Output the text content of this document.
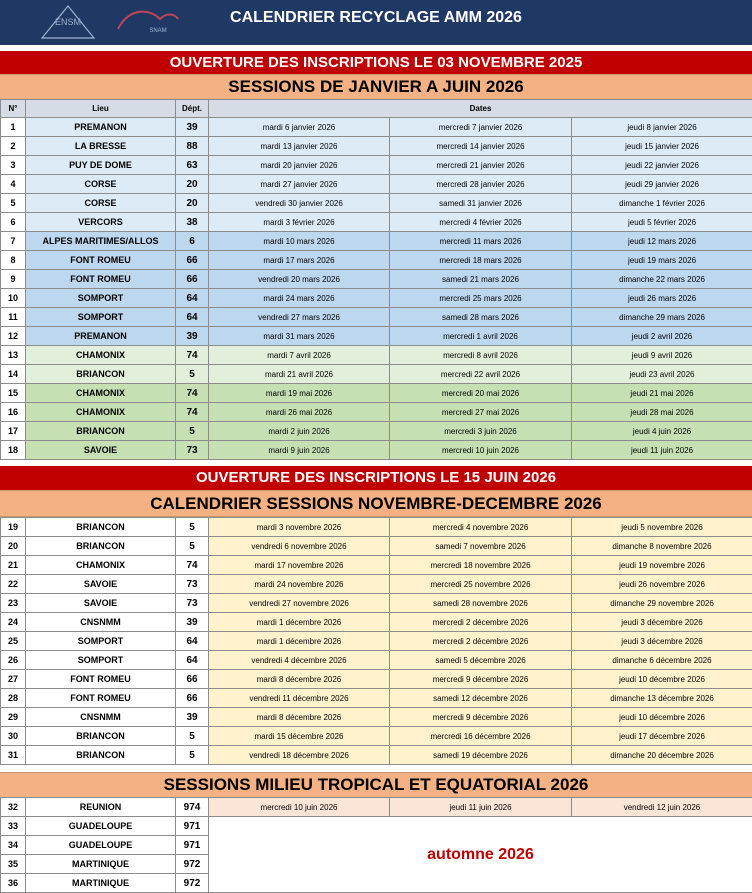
ENSM
SNAM
CALENDRIER RECYCLAGE AMM 2026
OUVERTURE DES INSCRIPTIONS LE 03 NOVEMBRE 2025
SESSIONS DE JANVIER A JUIN 2026
N°	Lieu	Dépt.	Dates		
1	PREMANON	39	mardi 6 janvier 2026	mercredi 7 janvier 2026	jeudi 8 janvier 2026
2	LA BRESSE	88	mardi 13 janvier 2026	mercredi 14 janvier 2026	jeudi 15 janvier 2026
3	PUY DE DOME	63	mardi 20 janvier 2026	mercredi 21 janvier 2026	jeudi 22 janvier 2026
4	CORSE	20	mardi 27 janvier 2026	mercredi 28 janvier 2026	jeudi 29 janvier 2026
5	CORSE	20	vendredi 30 janvier 2026	samedi 31 janvier 2026	dimanche 1 février 2026
6	VERCORS	38	mardi 3 février 2026	mercredi 4 février 2026	jeudi 5 février 2026
7	ALPES MARITIMES/ALLOS	6	mardi 10 mars 2026	mercredi 11 mars 2026	jeudi 12 mars 2026
8	FONT ROMEU	66	mardi 17 mars 2026	mercredi 18 mars 2026	jeudi 19 mars 2026
9	FONT ROMEU	66	vendredi 20 mars 2026	samedi 21 mars 2026	dimanche 22 mars 2026
10	SOMPORT	64	mardi 24 mars 2026	mercredi 25 mars 2026	jeudi 26 mars 2026
11	SOMPORT	64	vendredi 27 mars 2026	samedi 28 mars 2026	dimanche 29 mars 2026
12	PREMANON	39	mardi 31 mars 2026	mercredi 1 avril 2026	jeudi 2 avril 2026
13	CHAMONIX	74	mardi 7 avril 2026	mercredi 8 avril 2026	jeudi 9 avril 2026
14	BRIANCON	5	mardi 21 avril 2026	mercredi 22 avril 2026	jeudi 23 avril 2026
15	CHAMONIX	74	mardi 19 mai 2026	mercredi 20 mai 2026	jeudi 21 mai 2026
16	CHAMONIX	74	mardi 26 mai 2026	mercredi 27 mai 2026	jeudi 28 mai 2026
17	BRIANCON	5	mardi 2 juin 2026	mercredi 3 juin 2026	jeudi 4 juin 2026
18	SAVOIE	73	mardi 9 juin 2026	mercredi 10 juin 2026	jeudi 11 juin 2026
OUVERTURE DES INSCRIPTIONS LE 15 JUIN 2026
CALENDRIER SESSIONS NOVEMBRE-DECEMBRE 2026
19	BRIANCON	5	mardi 3 novembre 2026	mercredi 4 novembre 2026	jeudi 5 novembre 2026
20	BRIANCON	5	vendredi 6 novembre 2026	samedi 7 novembre 2026	dimanche 8 novembre 2026
21	CHAMONIX	74	mardi 17 novembre 2026	mercredi 18 novembre 2026	jeudi 19 novembre 2026
22	SAVOIE	73	mardi 24 novembre 2026	mercredi 25 novembre 2026	jeudi 26 novembre 2026
23	SAVOIE	73	vendredi 27 novembre 2026	samedi 28 novembre 2026	dimanche 29 novembre 2026
24	CNSNMM	39	mardi 1 décembre 2026	mercredi 2 décembre 2026	jeudi 3 décembre 2026
25	SOMPORT	64	mardi 1 décembre 2026	mercredi 2 décembre 2026	jeudi 3 décembre 2026
26	SOMPORT	64	vendredi 4 décembre 2026	samedi 5 décembre 2026	dimanche 6 décembre 2026
27	FONT ROMEU	66	mardi 8 décembre 2026	mercredi 9 décembre 2026	jeudi 10 décembre 2026
28	FONT ROMEU	66	vendredi 11 décembre 2026	samedi 12 décembre 2026	dimanche 13 décembre 2026
29	CNSNMM	39	mardi 8 décembre 2026	mercredi 9 décembre 2026	jeudi 10 décembre 2026
30	BRIANCON	5	mardi 15 décembre 2026	mercredi 16 décembre 2026	jeudi 17 décembre 2026
31	BRIANCON	5	vendredi 18 décembre 2026	samedi 19 décembre 2026	dimanche 20 décembre 2026
SESSIONS MILIEU TROPICAL ET EQUATORIAL 2026
32	REUNION	974	mercredi 10 juin 2026	jeudi 11 juin 2026	vendredi 12 juin 2026
33	GUADELOUPE	971	automne 2026		
34	GUADELOUPE	971			
35	MARTINIQUE	972			
36	MARTINIQUE	972			
